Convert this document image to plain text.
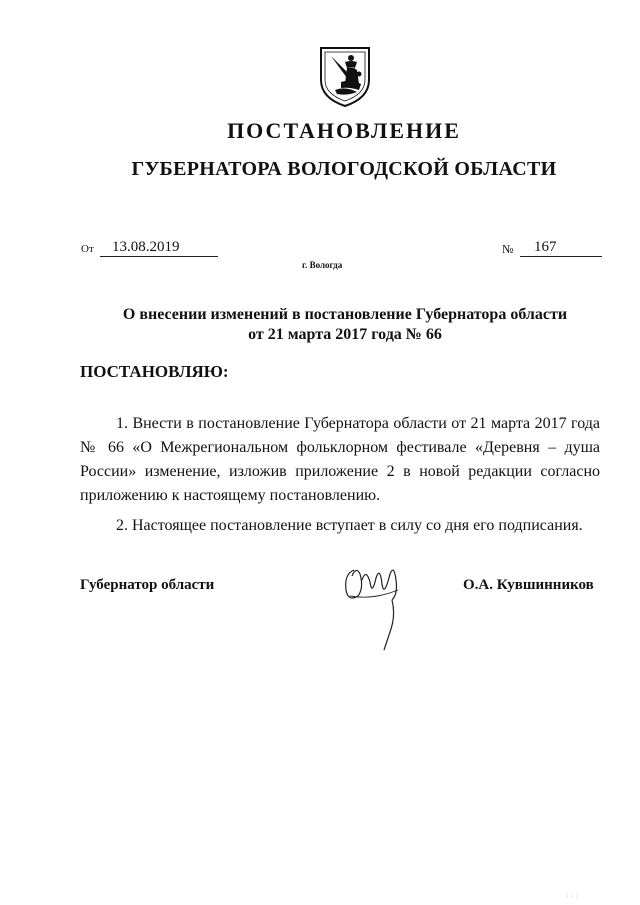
ПОСТАНОВЛЕНИЕ
ГУБЕРНАТОРА ВОЛОГОДСКОЙ ОБЛАСТИ
От	13.08.2019	№	167
г. Вологда
О внесении изменений в постановление Губернатора области
от 21 марта 2017 года № 66
ПОСТАНОВЛЯЮ:

1. Внести в постановление Губернатора области от 21 марта 2017 года № 66 «О Межрегиональном фольклорном фестивале «Деревня – душа России» изменение, изложив приложение 2 в новой редакции согласно приложению к настоящему постановлению.

2. Настоящее постановление вступает в силу со дня его подписания.

Губернатор области	О.А. Кувшинников
· · ·
